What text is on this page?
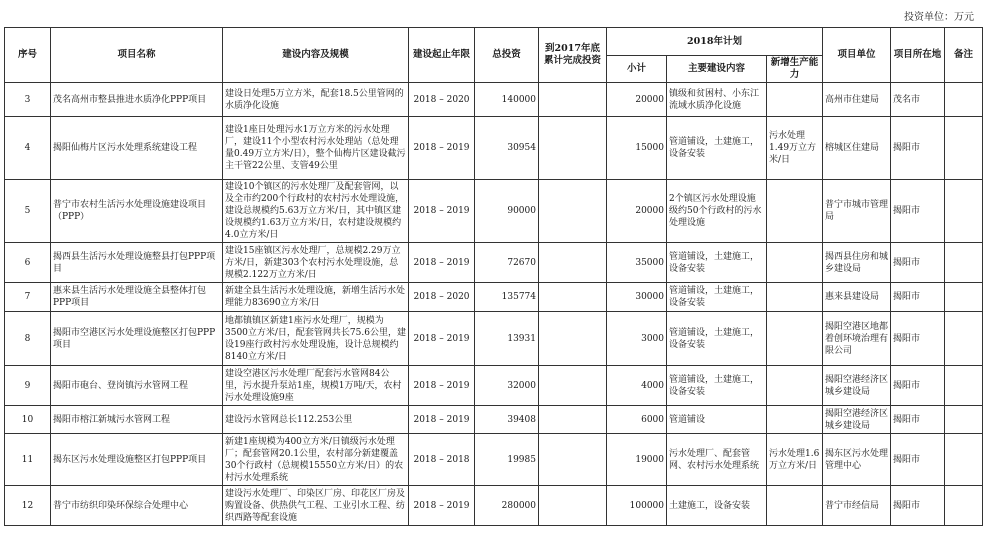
投资单位：万元
序号	项目名称	建设内容及规模	建设起止年限	总投资	到2017年底累计完成投资	2018年计划			项目单位	项目所在地	备注
						小计	主要建设内容	新增生产能力			
3	茂名高州市整县推进水质净化PPP项目	建设日处理5万立方米，配套18.5公里管网的水质净化设施	2018 – 2020	140000		20000	镇级和贫困村、小东江流域水质净化设施		高州市住建局	茂名市	
4	揭阳仙梅片区污水处理系统建设工程	建设1座日处理污水1万立方米的污水处理厂，建设11个小型农村污水处理站（总处理量0.49万立方米/日），整个仙梅片区建设截污主干管22公里、支管49公里	2018 – 2019	30954		15000	管道铺设，土建施工，设备安装	污水处理1.49万立方米/日	榕城区住建局	揭阳市	
5	普宁市农村生活污水处理设施建设项目（PPP）	建设10个镇区的污水处理厂及配套管网，以及全市约200个行政村的农村污水处理设施，建设总规模约5.63万立方米/日，其中镇区建设规模约1.63万立方米/日，农村建设规模约4.0立方米/日	2018 – 2019	90000		20000	2个镇区污水处理设施级约50个行政村的污水处理设施		普宁市城市管理局	揭阳市	
6	揭西县生活污水处理设施整县打包PPP项目	建设15座镇区污水处理厂，总规模2.29万立方米/日，新建303个农村污水处理设施，总规模2.122万立方米/日	2018 – 2019	72670		35000	管道铺设，土建施工，设备安装		揭西县住房和城乡建设局	揭阳市	
7	惠来县生活污水处理设施全县整体打包PPP项目	新建全县生活污水处理设施，新增生活污水处理能力83690立方米/日	2018 – 2020	135774		30000	管道铺设，土建施工，设备安装		惠来县建设局	揭阳市	
8	揭阳市空港区污水处理设施整区打包PPP项目	地都镇镇区新建1座污水处理厂，规模为3500立方米/日，配套管网共长75.6公里，建设19座行政村污水处理设施，设计总规模约8140立方米/日	2018 – 2019	13931		3000	管道铺设，土建施工，设备安装		揭阳空港区地都着创环境治理有限公司	揭阳市	
9	揭阳市砲台、登岗镇污水管网工程	建设空港区污水处理厂配套污水管网84公里，污水提升泵站1座，规模1万吨/天，农村污水处理设施9座	2018 – 2019	32000		4000	管道铺设，土建施工，设备安装		揭阳空港经济区城乡建设局	揭阳市	
10	揭阳市榕江新城污水管网工程	建设污水管网总长112.253公里	2018 – 2019	39408		6000	管道铺设		揭阳空港经济区城乡建设局	揭阳市	
11	揭东区污水处理设施整区打包PPP项目	新建1座规模为400立方米/日镇级污水处理厂；配套管网20.1公里，农村部分新建覆盖30个行政村（总规模15550立方米/日）的农村污水处理系统	2018 – 2018	19985		19000	污水处理厂、配套管网、农村污水处理系统	污水处理1.6万立方米/日	揭东区污水处理管理中心	揭阳市	
12	普宁市纺织印染环保综合处理中心	建设污水处理厂、印染区厂房、印花区厂房及购置设备、供热供气工程、工业引水工程、纺织西路等配套设施	2018 – 2019	280000		100000	土建施工，设备安装		普宁市经信局	揭阳市	
